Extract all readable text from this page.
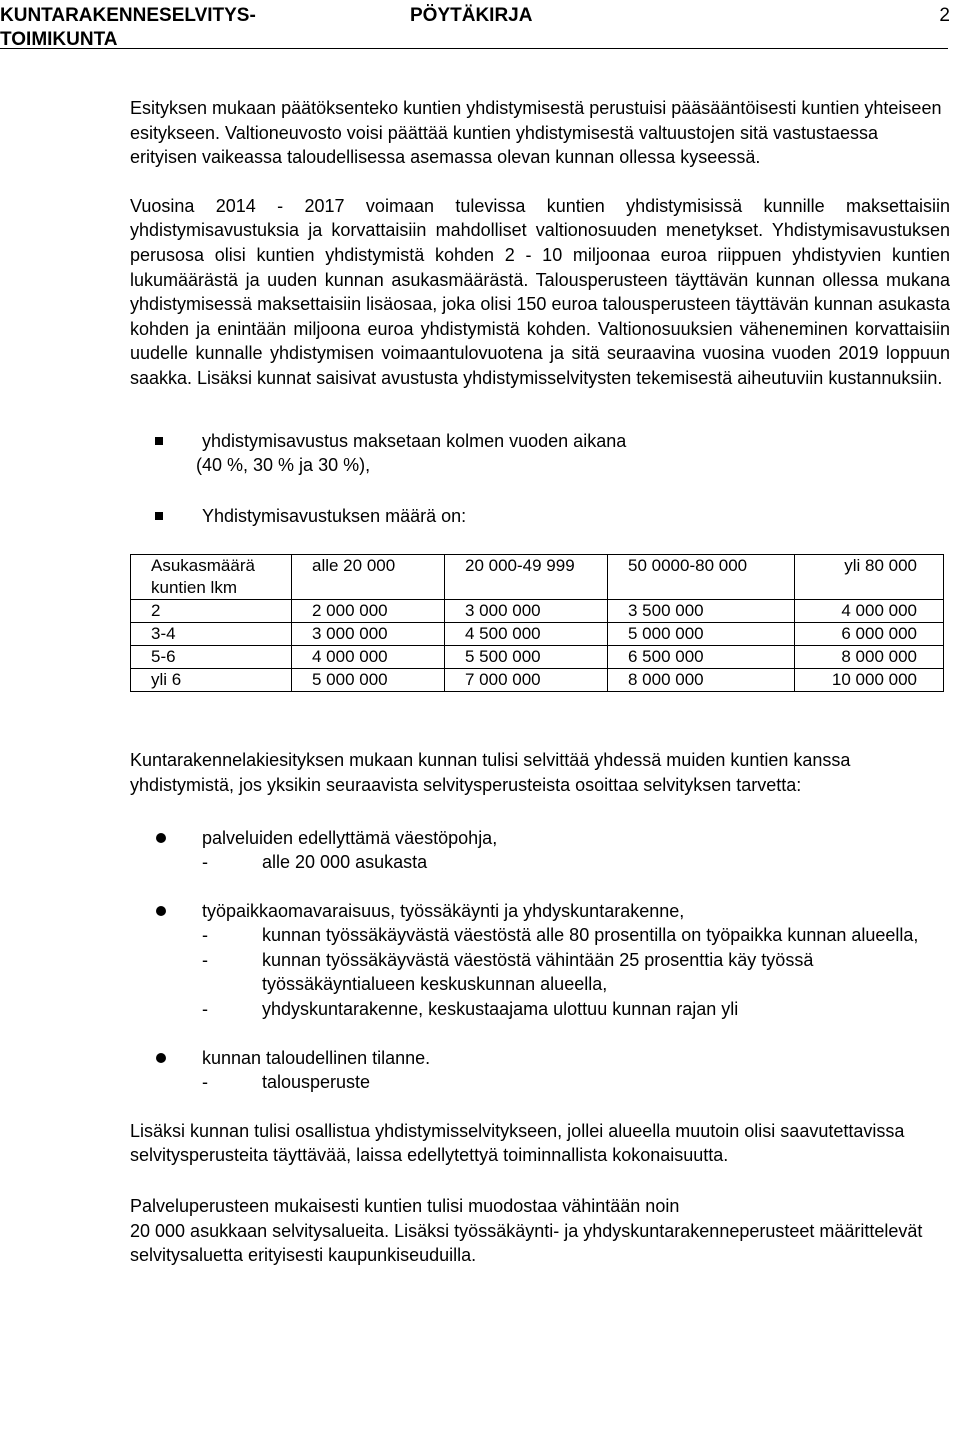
KUNTARAKENNESELVITYS-
TOIMIKUNTA
PÖYTÄKIRJA	2

Esityksen mukaan päätöksenteko kuntien yhdistymisestä perustuisi pääsääntöisesti kuntien yhteiseen esitykseen. Valtioneuvosto voisi päättää kuntien yhdistymisestä valtuustojen sitä vastustaessa erityisen vaikeassa taloudellisessa asemassa olevan kunnan ollessa kyseessä.

Vuosina 2014 - 2017 voimaan tulevissa kuntien yhdistymisissä kunnille maksettaisiin yhdistymisavustuksia ja korvattaisiin mahdolliset valtionosuuden menetykset. Yhdistymisavustuksen perusosa olisi kuntien yhdistymistä kohden 2 - 10 miljoonaa euroa riippuen yhdistyvien kuntien lukumäärästä ja uuden kunnan asukasmäärästä. Talousperusteen täyttävän kunnan ollessa mukana yhdistymisessä maksettaisiin lisäosaa, joka olisi 150 euroa talousperusteen täyttävän kunnan asukasta kohden ja enintään miljoona euroa yhdistymistä kohden. Valtionosuuksien väheneminen korvattaisiin uudelle kunnalle yhdistymisen voimaantulovuotena ja sitä seuraavina vuosina vuoden 2019 loppuun saakka. Lisäksi kunnat saisivat avustusta yhdistymisselvitysten tekemisestä aiheutuviin kustannuksiin.

yhdistymisavustus maksetaan kolmen vuoden aikana
(40 %, 30 % ja 30 %),
Yhdistymisavustuksen määrä on:
Asukasmäärä	alle 20 000	20 000-49 999	50 0000-80 000	yli 80 000
kuntien lkm				
2	2 000 000	3 000 000	3 500 000	4 000 000
3-4	3 000 000	4 500 000	5 000 000	6 000 000
5-6	4 000 000	5 500 000	6 500 000	8 000 000
yli 6	5 000 000	7 000 000	8 000 000	10 000 000

Kuntarakennelakiesityksen mukaan kunnan tulisi selvittää yhdessä muiden kuntien kanssa yhdistymistä, jos yksikin seuraavista selvitysperusteista osoittaa selvityksen tarvetta:

palveluiden edellyttämä väestöpohja,
-	alle 20 000 asukasta
työpaikkaomavaraisuus, työssäkäynti ja yhdyskuntarakenne,
-	kunnan työssäkäyvästä väestöstä alle 80 prosentilla on työpaikka kunnan alueella,
-	kunnan työssäkäyvästä väestöstä vähintään 25 prosenttia käy työssä työssäkäyntialueen keskuskunnan alueella,
-	yhdyskuntarakenne, keskustaajama ulottuu kunnan rajan yli
kunnan taloudellinen tilanne.
-	talousperuste

Lisäksi kunnan tulisi osallistua yhdistymisselvitykseen, jollei alueella muutoin olisi saavutettavissa selvitysperusteita täyttävää, laissa edellytettyä toiminnallista kokonaisuutta.

Palveluperusteen mukaisesti kuntien tulisi muodostaa vähintään noin
20 000 asukkaan selvitysalueita. Lisäksi työssäkäynti- ja yhdyskuntarakenneperusteet määrittelevät selvitysaluetta erityisesti kaupunkiseuduilla.
